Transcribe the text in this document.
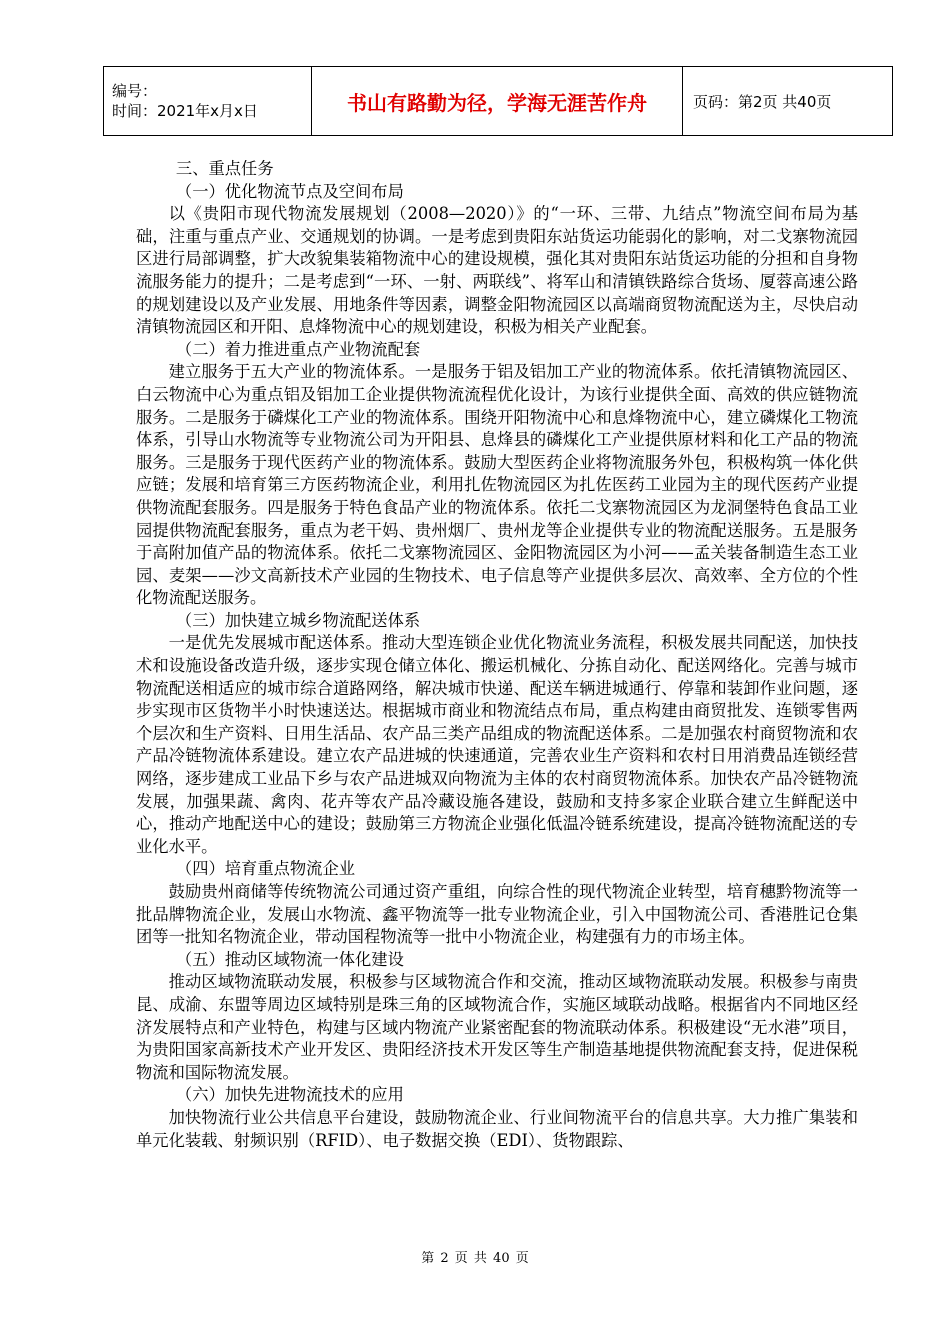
编号：
时间：2021年x月x日	书山有路勤为径，学海无涯苦作舟	页码：第2页 共40页

三、重点任务

（一）优化物流节点及空间布局

以《贵阳市现代物流发展规划（2008—2020）》的“一环、三带、九结点”物流空间布局为基础，注重与重点产业、交通规划的协调。一是考虑到贵阳东站货运功能弱化的影响，对二戈寨物流园区进行局部调整，扩大改貌集装箱物流中心的建设规模，强化其对贵阳东站货运功能的分担和自身物流服务能力的提升；二是考虑到“一环、一射、两联线”、将军山和清镇铁路综合货场、厦蓉高速公路的规划建设以及产业发展、用地条件等因素，调整金阳物流园区以高端商贸物流配送为主，尽快启动清镇物流园区和开阳、息烽物流中心的规划建设，积极为相关产业配套。

（二）着力推进重点产业物流配套

建立服务于五大产业的物流体系。一是服务于铝及铝加工产业的物流体系。依托清镇物流园区、白云物流中心为重点铝及铝加工企业提供物流流程优化设计，为该行业提供全面、高效的供应链物流服务。二是服务于磷煤化工产业的物流体系。围绕开阳物流中心和息烽物流中心，建立磷煤化工物流体系，引导山水物流等专业物流公司为开阳县、息烽县的磷煤化工产业提供原材料和化工产品的物流服务。三是服务于现代医药产业的物流体系。鼓励大型医药企业将物流服务外包，积极构筑一体化供应链；发展和培育第三方医药物流企业，利用扎佐物流园区为扎佐医药工业园为主的现代医药产业提供物流配套服务。四是服务于特色食品产业的物流体系。依托二戈寨物流园区为龙洞堡特色食品工业园提供物流配套服务，重点为老干妈、贵州烟厂、贵州龙等企业提供专业的物流配送服务。五是服务于高附加值产品的物流体系。依托二戈寨物流园区、金阳物流园区为小河——孟关装备制造生态工业园、麦架——沙文高新技术产业园的生物技术、电子信息等产业提供多层次、高效率、全方位的个性化物流配送服务。

（三）加快建立城乡物流配送体系

一是优先发展城市配送体系。推动大型连锁企业优化物流业务流程，积极发展共同配送，加快技术和设施设备改造升级，逐步实现仓储立体化、搬运机械化、分拣自动化、配送网络化。完善与城市物流配送相适应的城市综合道路网络，解决城市快递、配送车辆进城通行、停靠和装卸作业问题，逐步实现市区货物半小时快速送达。根据城市商业和物流结点布局，重点构建由商贸批发、连锁零售两个层次和生产资料、日用生活品、农产品三类产品组成的物流配送体系。二是加强农村商贸物流和农产品冷链物流体系建设。建立农产品进城的快速通道，完善农业生产资料和农村日用消费品连锁经营网络，逐步建成工业品下乡与农产品进城双向物流为主体的农村商贸物流体系。加快农产品冷链物流发展，加强果蔬、禽肉、花卉等农产品冷藏设施各建设，鼓励和支持多家企业联合建立生鲜配送中心，推动产地配送中心的建设；鼓励第三方物流企业强化低温冷链系统建设，提高冷链物流配送的专业化水平。

（四）培育重点物流企业

鼓励贵州商储等传统物流公司通过资产重组，向综合性的现代物流企业转型，培育穗黔物流等一批品牌物流企业，发展山水物流、鑫平物流等一批专业物流企业，引入中国物流公司、香港胜记仓集团等一批知名物流企业，带动国程物流等一批中小物流企业，构建强有力的市场主体。

（五）推动区域物流一体化建设

推动区域物流联动发展，积极参与区域物流合作和交流，推动区域物流联动发展。积极参与南贵昆、成渝、东盟等周边区域特别是珠三角的区域物流合作，实施区域联动战略。根据省内不同地区经济发展特点和产业特色，构建与区域内物流产业紧密配套的物流联动体系。积极建设“无水港”项目，为贵阳国家高新技术产业开发区、贵阳经济技术开发区等生产制造基地提供物流配套支持，促进保税物流和国际物流发展。

（六）加快先进物流技术的应用

加快物流行业公共信息平台建设，鼓励物流企业、行业间物流平台的信息共享。大力推广集装和单元化装载、射频识别（RFID）、电子数据交换（EDI）、货物跟踪、

第 2 页 共 40 页
